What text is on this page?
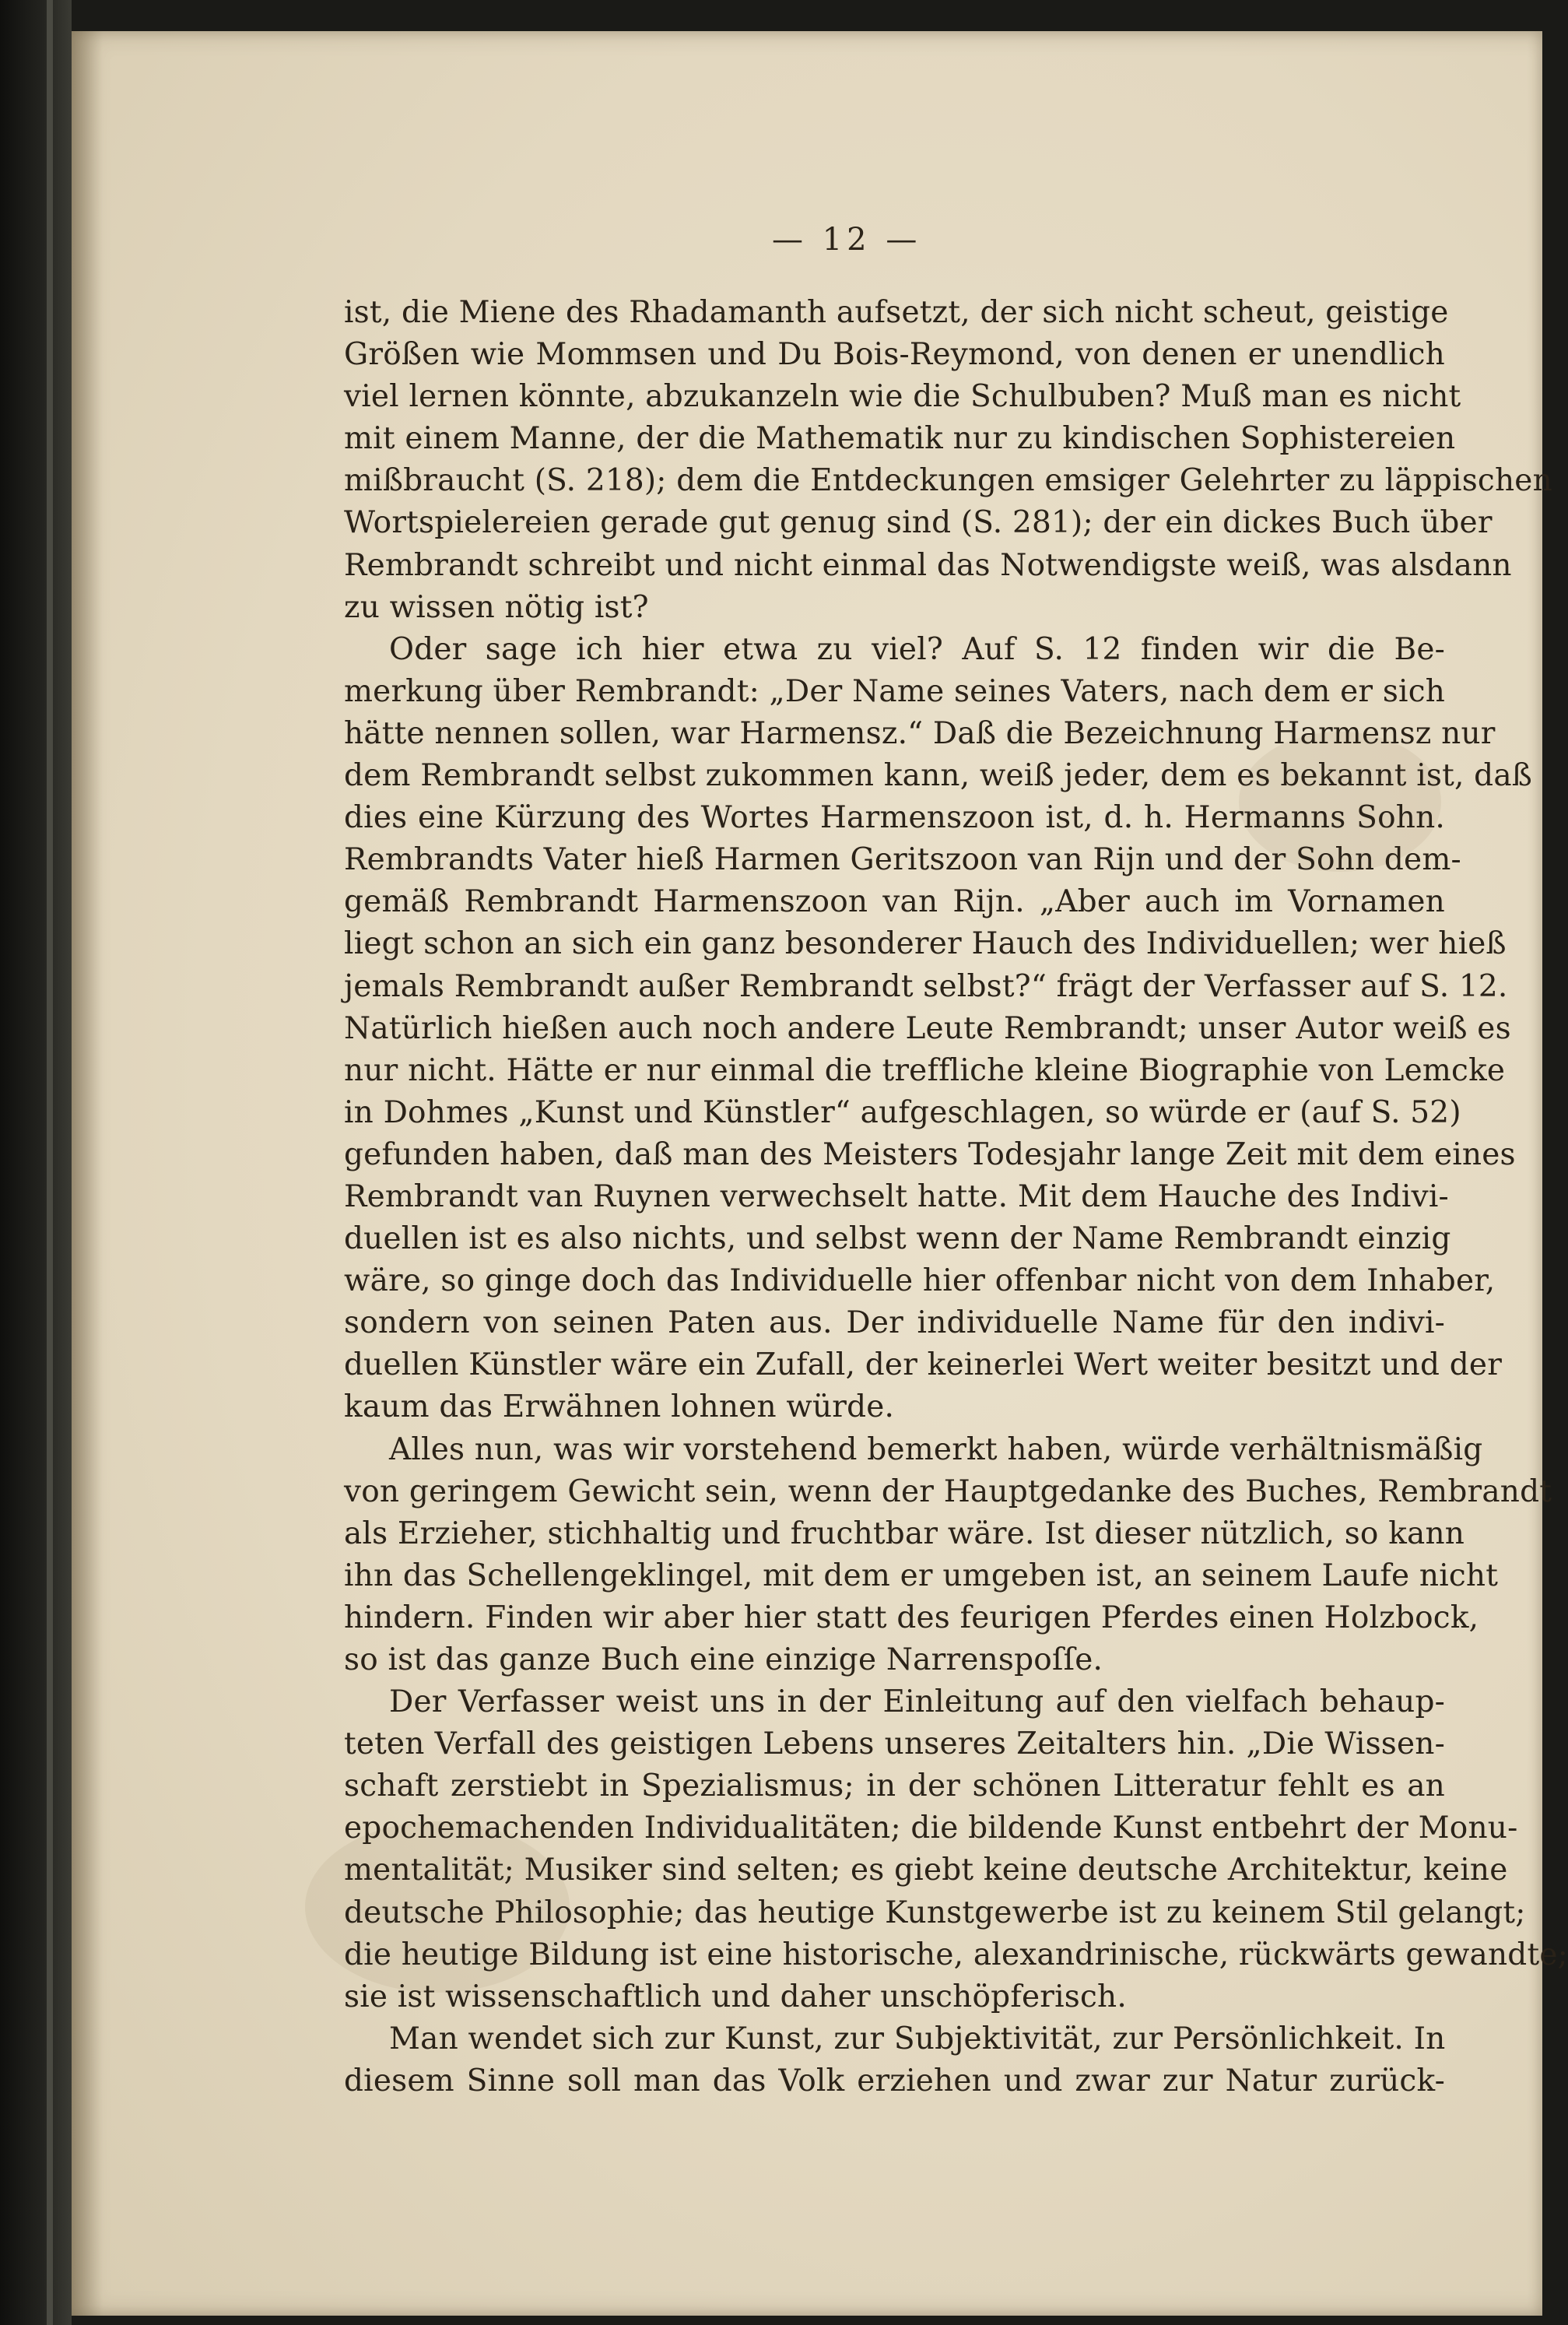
— 12 —
ist, die Miene des Rhadamanth aufsetzt, der sich nicht scheut, geistige
Größen wie Mommsen und Du Bois-Reymond, von denen er unendlich
viel lernen könnte, abzukanzeln wie die Schulbuben? Muß man es nicht
mit einem Manne, der die Mathematik nur zu kindischen Sophistereien
mißbraucht (S. 218); dem die Entdeckungen emsiger Gelehrter zu läppischen
Wortspielereien gerade gut genug sind (S. 281); der ein dickes Buch über
Rembrandt schreibt und nicht einmal das Notwendigste weiß, was alsdann
zu wissen nötig ist?
Oder sage ich hier etwa zu viel? Auf S. 12 finden wir die Be-
merkung über Rembrandt: „Der Name seines Vaters, nach dem er sich
hätte nennen sollen, war Harmensz.“ Daß die Bezeichnung Harmensz nur
dem Rembrandt selbst zukommen kann, weiß jeder, dem es bekannt ist, daß
dies eine Kürzung des Wortes Harmenszoon ist, d. h. Hermanns Sohn.
Rembrandts Vater hieß Harmen Geritszoon van Rijn und der Sohn dem-
gemäß Rembrandt Harmenszoon van Rijn. „Aber auch im Vornamen
liegt schon an sich ein ganz besonderer Hauch des Individuellen; wer hieß
jemals Rembrandt außer Rembrandt selbst?“ frägt der Verfasser auf S. 12.
Natürlich hießen auch noch andere Leute Rembrandt; unser Autor weiß es
nur nicht. Hätte er nur einmal die treffliche kleine Biographie von Lemcke
in Dohmes „Kunst und Künstler“ aufgeschlagen, so würde er (auf S. 52)
gefunden haben, daß man des Meisters Todesjahr lange Zeit mit dem eines
Rembrandt van Ruynen verwechselt hatte. Mit dem Hauche des Indivi-
duellen ist es also nichts, und selbst wenn der Name Rembrandt einzig
wäre, so ginge doch das Individuelle hier offenbar nicht von dem Inhaber,
sondern von seinen Paten aus. Der individuelle Name für den indivi-
duellen Künstler wäre ein Zufall, der keinerlei Wert weiter besitzt und der
kaum das Erwähnen lohnen würde.
Alles nun, was wir vorstehend bemerkt haben, würde verhältnismäßig
von geringem Gewicht sein, wenn der Hauptgedanke des Buches, Rembrandt
als Erzieher, stichhaltig und fruchtbar wäre. Ist dieser nützlich, so kann
ihn das Schellengeklingel, mit dem er umgeben ist, an seinem Laufe nicht
hindern. Finden wir aber hier statt des feurigen Pferdes einen Holzbock,
so ist das ganze Buch eine einzige Narrenspoſſe.
Der Verfasser weist uns in der Einleitung auf den vielfach behaup-
teten Verfall des geistigen Lebens unseres Zeitalters hin. „Die Wissen-
schaft zerstiebt in Spezialismus; in der schönen Litteratur fehlt es an
epochemachenden Individualitäten; die bildende Kunst entbehrt der Monu-
mentalität; Musiker sind selten; es giebt keine deutsche Architektur, keine
deutsche Philosophie; das heutige Kunstgewerbe ist zu keinem Stil gelangt;
die heutige Bildung ist eine historische, alexandrinische, rückwärts gewandte;
sie ist wissenschaftlich und daher unschöpferisch.
Man wendet sich zur Kunst, zur Subjektivität, zur Persönlichkeit. In
diesem Sinne soll man das Volk erziehen und zwar zur Natur zurück-
